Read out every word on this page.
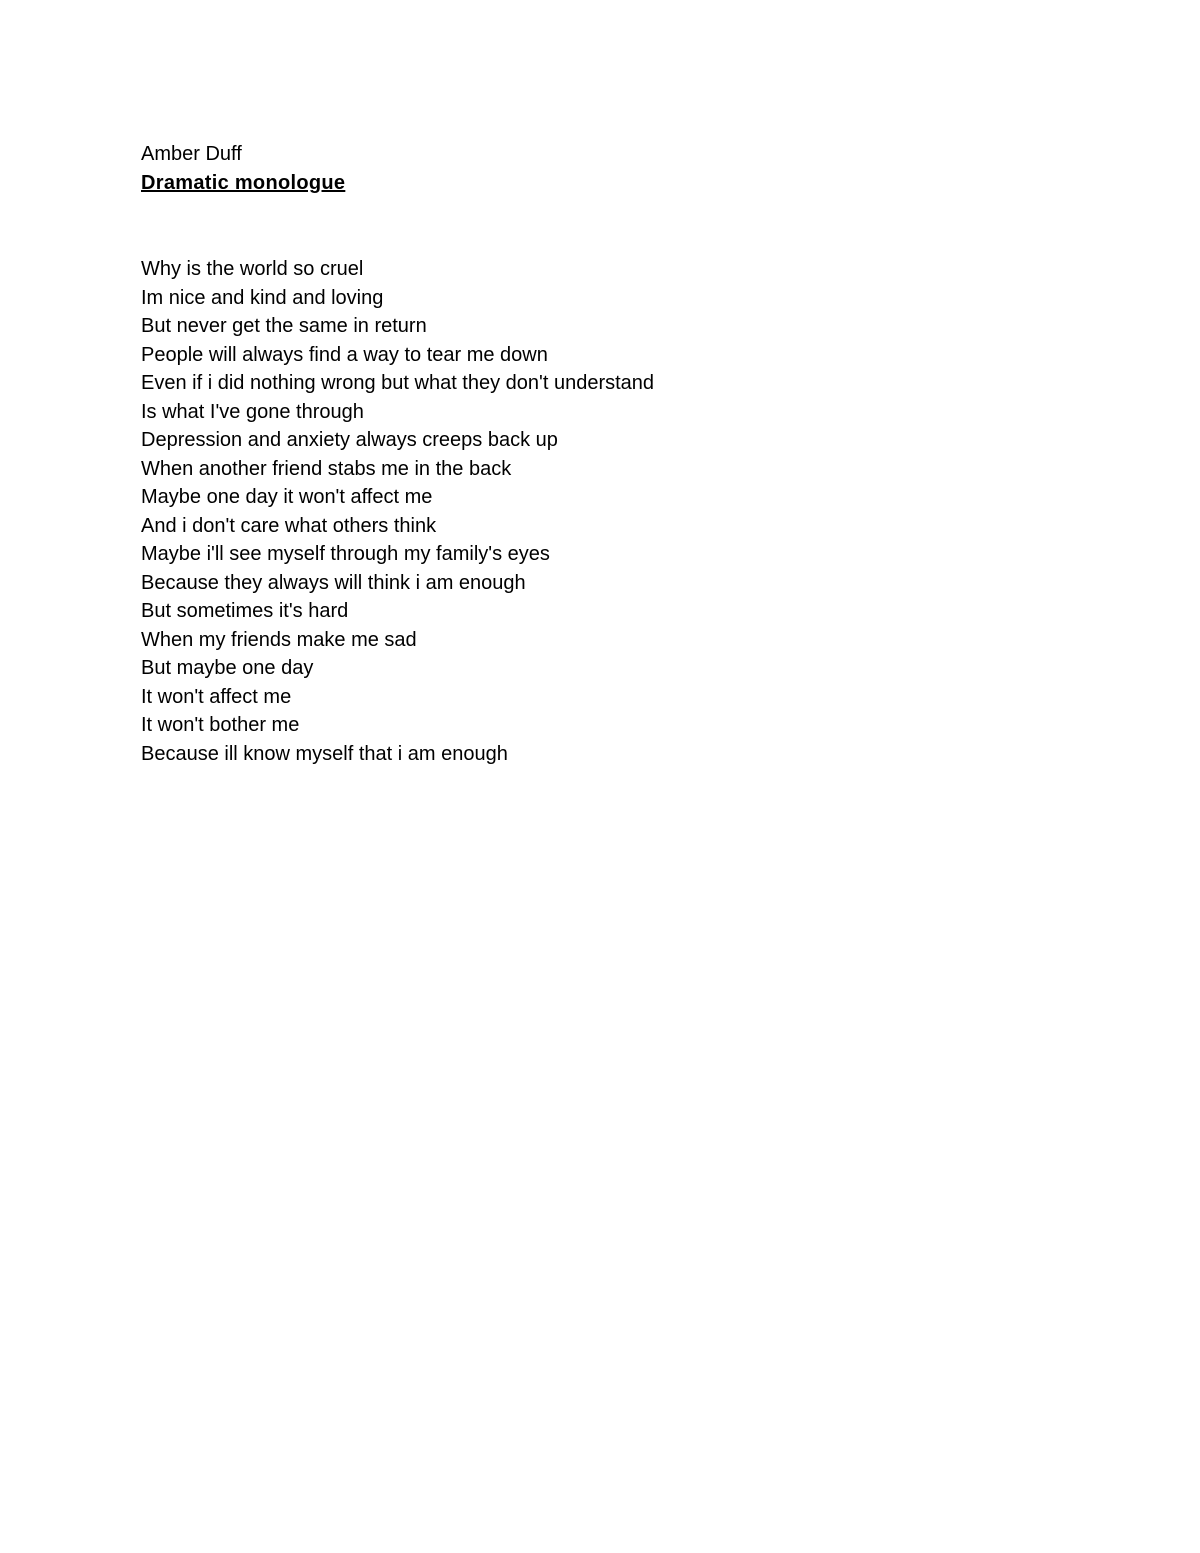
Amber Duff

Dramatic monologue

Why is the world so cruel
Im nice and kind and loving
But never get the same in return
People will always find a way to tear me down
Even if i did nothing wrong but what they don't understand
Is what I've gone through
Depression and anxiety always creeps back up
When another friend stabs me in the back
Maybe one day it won't affect me
And i don't care what others think
Maybe i'll see myself through my family's eyes
Because they always will think i am enough
But sometimes it's hard
When my friends make me sad
But maybe one day
It won't affect me
It won't bother me
Because ill know myself that i am enough
